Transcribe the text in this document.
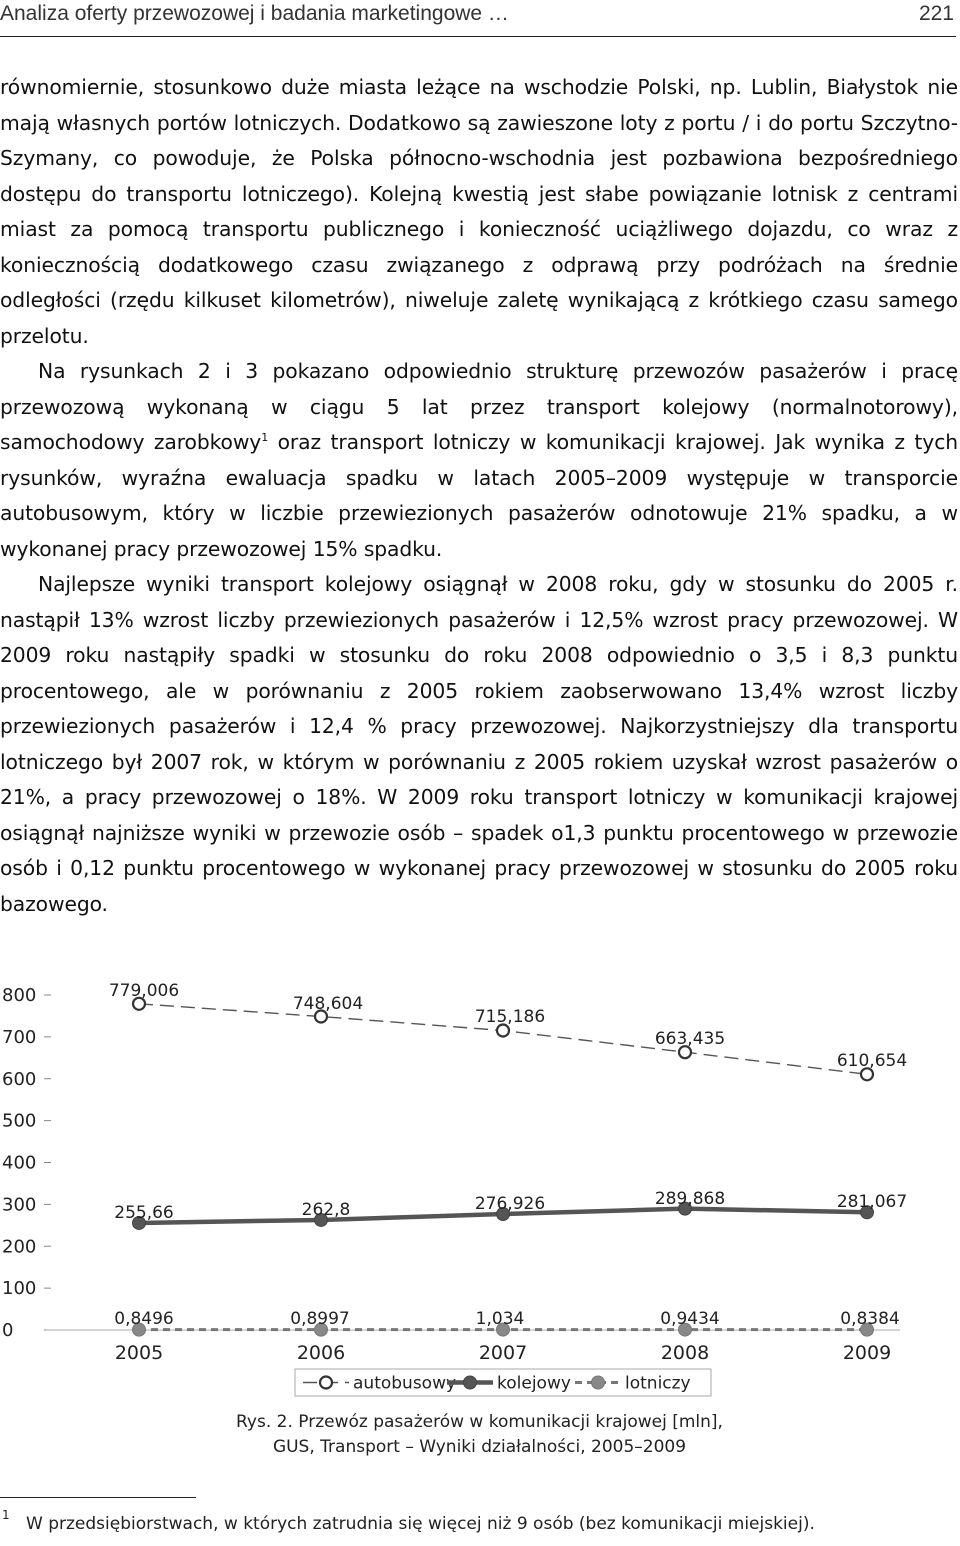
Analiza oferty przewozowej i badania marketingowe …	221

równomiernie, stosunkowo duże miasta leżące na wschodzie Polski, np. Lublin, Białystok nie mają własnych portów lotniczych. Dodatkowo są zawieszone loty z portu / i do portu Szczytno-Szymany, co powoduje, że Polska północno-wschodnia jest pozbawiona bezpośredniego dostępu do transportu lotniczego). Kolejną kwestią jest słabe powiązanie lotnisk z centrami miast za pomocą transportu publicznego i konieczność uciążliwego dojazdu, co wraz z koniecznością dodatkowego czasu związanego z odprawą przy podróżach na średnie odległości (rzędu kilkuset kilometrów), niweluje zaletę wynikającą z krótkiego czasu samego przelotu.

Na rysunkach 2 i 3 pokazano odpowiednio strukturę przewozów pasażerów i pracę przewozową wykonaną w ciągu 5 lat przez transport kolejowy (normalnotorowy), samochodowy zarobkowy$^1$ oraz transport lotniczy w komunikacji krajowej. Jak wynika z tych rysunków, wyraźna ewaluacja spadku w latach 2005–2009 występuje w transporcie autobusowym, który w liczbie przewiezionych pasażerów odnotowuje 21% spadku, a w wykonanej pracy przewozowej 15% spadku.

Najlepsze wyniki transport kolejowy osiągnął w 2008 roku, gdy w stosunku do 2005 r. nastąpił 13% wzrost liczby przewiezionych pasażerów i 12,5% wzrost pracy przewozowej. W 2009 roku nastąpiły spadki w stosunku do roku 2008 odpowiednio o 3,5 i 8,3 punktu procentowego, ale w porównaniu z 2005 rokiem zaobserwowano 13,4% wzrost liczby przewiezionych pasażerów i 12,4 % pracy przewozowej. Najkorzystniejszy dla transportu lotniczego był 2007 rok, w którym w porównaniu z 2005 rokiem uzyskał wzrost pasażerów o 21%, a pracy przewozowej o 18%. W 2009 roku transport lotniczy w komunikacji krajowej osiągnął najniższe wyniki w przewozie osób – spadek o1,3 punktu procentowego w przewozie osób i 0,12 punktu procentowego w wykonanej pracy przewozowej w stosunku do 2005 roku bazowego.

0
100
200
300
400
500
600
700
800
2005	2006	2007	2008	2009
779,006
748,604
715,186
663,435
610,654
255,66	262,8	276,926	289,868	281,067
0,8496	0,8997	1,034	0,9434	0,8384
autobusowy kolejowy	lotniczy
Rys. 2. Przewóz pasażerów w komunikacji krajowej [mln],
GUS, Transport – Wyniki działalności, 2005–2009
1 W przedsiębiorstwach, w których zatrudnia się więcej niż 9 osób (bez komunikacji miejskiej).
